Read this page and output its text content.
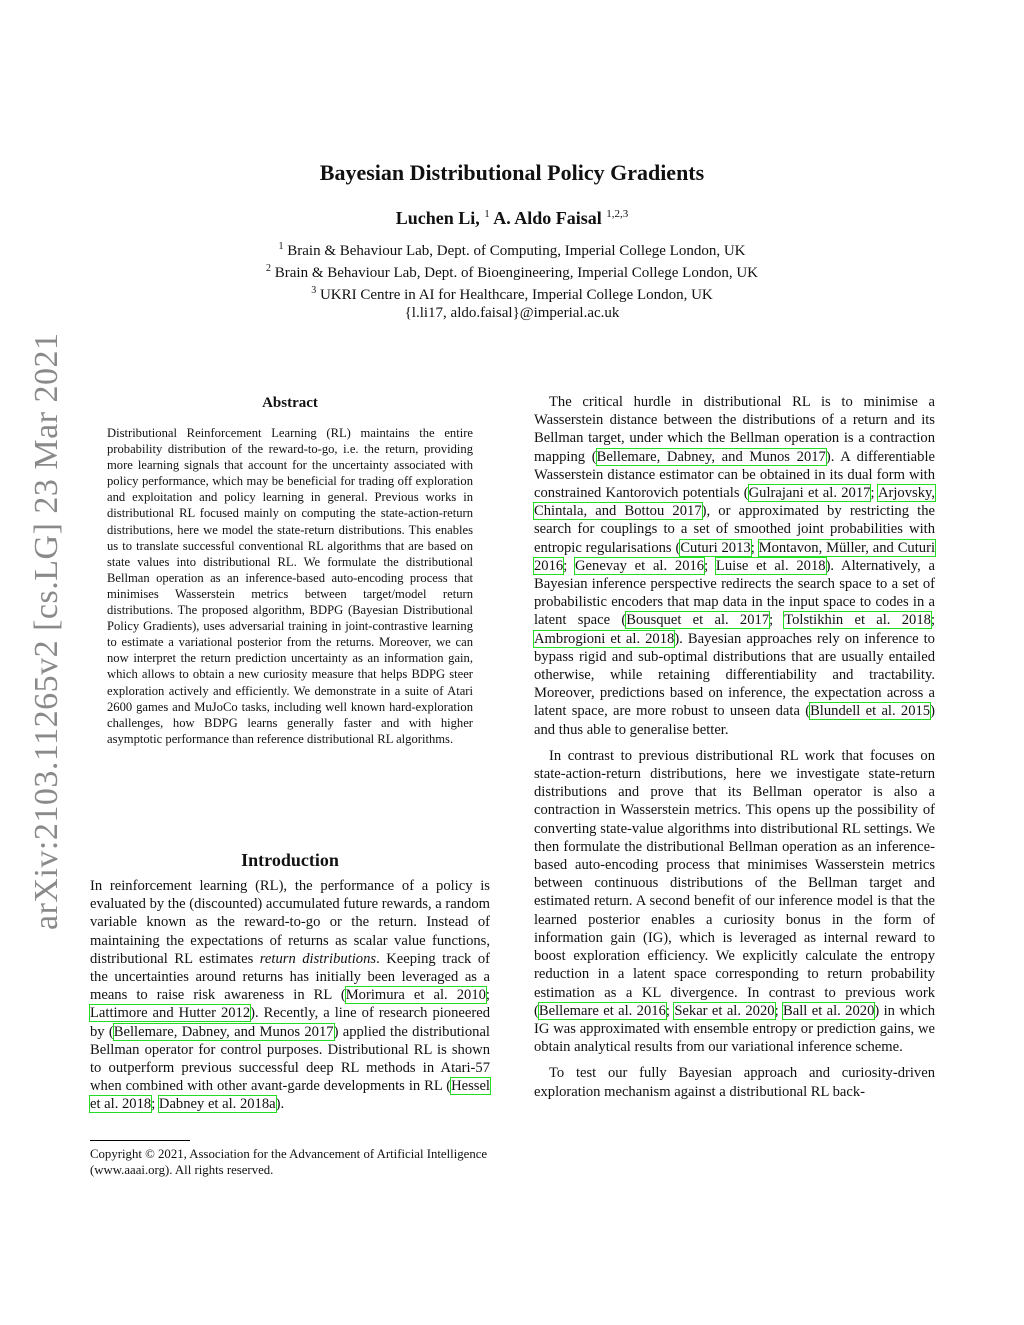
arXiv:2103.11265v2 [cs.LG] 23 Mar 2021
Bayesian Distributional Policy Gradients
Luchen Li, $^1$ A. Aldo Faisal $^{1,2,3}$
$^1$ Brain & Behaviour Lab, Dept. of Computing, Imperial College London, UK
$^2$ Brain & Behaviour Lab, Dept. of Bioengineering, Imperial College London, UK
$^3$ UKRI Centre in AI for Healthcare, Imperial College London, UK
{l.li17, aldo.faisal}@imperial.ac.uk
Abstract
Distributional Reinforcement Learning (RL) maintains the entire probability distribution of the reward-to-go, i.e. the return, providing more learning signals that account for the uncertainty associated with policy performance, which may be beneficial for trading off exploration and exploitation and policy learning in general. Previous works in distributional RL focused mainly on computing the state-action-return distributions, here we model the state-return distributions. This enables us to translate successful conventional RL algorithms that are based on state values into distributional RL. We formulate the distributional Bellman operation as an inference-based auto-encoding process that minimises Wasserstein metrics between target/model return distributions. The proposed algorithm, BDPG (Bayesian Distributional Policy Gradients), uses adversarial training in joint-contrastive learning to estimate a variational posterior from the returns. Moreover, we can now interpret the return prediction uncertainty as an information gain, which allows to obtain a new curiosity measure that helps BDPG steer exploration actively and efficiently. We demonstrate in a suite of Atari 2600 games and MuJoCo tasks, including well known hard-exploration challenges, how BDPG learns generally faster and with higher asymptotic performance than reference distributional RL algorithms.
Introduction

In reinforcement learning (RL), the performance of a policy is evaluated by the (discounted) accumulated future rewards, a random variable known as the reward-to-go or the return. Instead of maintaining the expectations of returns as scalar value functions, distributional RL estimates return distributions. Keeping track of the uncertainties around returns has initially been leveraged as a means to raise risk awareness in RL (Morimura et al. 2010; Lattimore and Hutter 2012). Recently, a line of research pioneered by (Bellemare, Dabney, and Munos 2017) applied the distributional Bellman operator for control purposes. Distributional RL is shown to outperform previous successful deep RL methods in Atari-57 when combined with other avant-garde developments in RL (Hessel et al. 2018; Dabney et al. 2018a).

Copyright © 2021, Association for the Advancement of Artificial Intelligence (www.aaai.org). All rights reserved.

The critical hurdle in distributional RL is to minimise a Wasserstein distance between the distributions of a return and its Bellman target, under which the Bellman operation is a contraction mapping (Bellemare, Dabney, and Munos 2017). A differentiable Wasserstein distance estimator can be obtained in its dual form with constrained Kantorovich potentials (Gulrajani et al. 2017; Arjovsky, Chintala, and Bottou 2017), or approximated by restricting the search for couplings to a set of smoothed joint probabilities with entropic regularisations (Cuturi 2013; Montavon, Müller, and Cuturi 2016; Genevay et al. 2016; Luise et al. 2018). Alternatively, a Bayesian inference perspective redirects the search space to a set of probabilistic encoders that map data in the input space to codes in a latent space (Bousquet et al. 2017; Tolstikhin et al. 2018; Ambrogioni et al. 2018). Bayesian approaches rely on inference to bypass rigid and sub-optimal distributions that are usually entailed otherwise, while retaining differentiability and tractability. Moreover, predictions based on inference, the expectation across a latent space, are more robust to unseen data (Blundell et al. 2015) and thus able to generalise better.

In contrast to previous distributional RL work that focuses on state-action-return distributions, here we investigate state-return distributions and prove that its Bellman operator is also a contraction in Wasserstein metrics. This opens up the possibility of converting state-value algorithms into distributional RL settings. We then formulate the distributional Bellman operation as an inference-based auto-encoding process that minimises Wasserstein metrics between continuous distributions of the Bellman target and estimated return. A second benefit of our inference model is that the learned posterior enables a curiosity bonus in the form of information gain (IG), which is leveraged as internal reward to boost exploration efficiency. We explicitly calculate the entropy reduction in a latent space corresponding to return probability estimation as a KL divergence. In contrast to previous work (Bellemare et al. 2016; Sekar et al. 2020; Ball et al. 2020) in which IG was approximated with ensemble entropy or prediction gains, we obtain analytical results from our variational inference scheme.

To test our fully Bayesian approach and curiosity-driven exploration mechanism against a distributional RL back-
